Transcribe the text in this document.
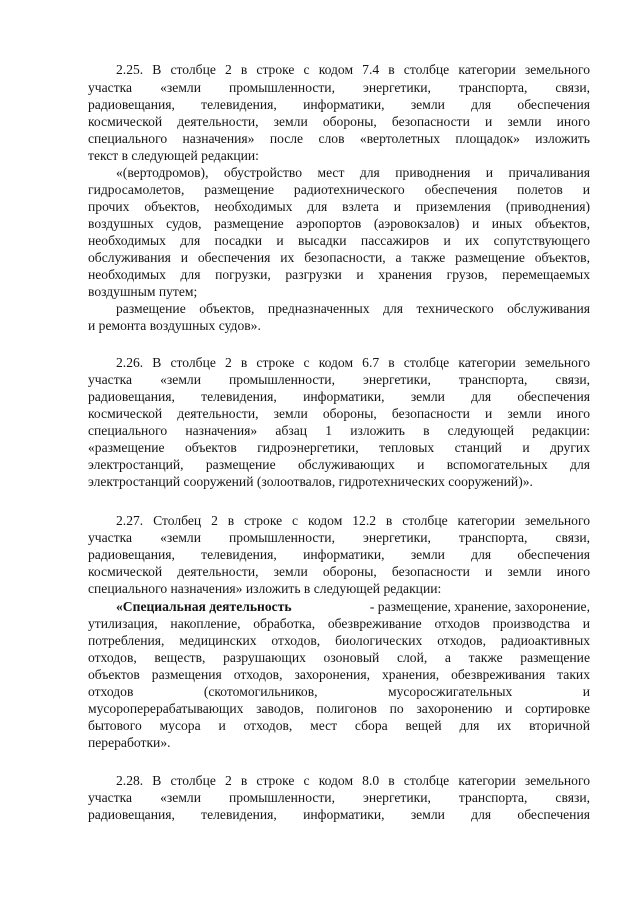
2.25. В столбце 2 в строке с кодом 7.4 в столбце категории земельного
участка «земли промышленности, энергетики, транспорта, связи,
радиовещания, телевидения, информатики, земли для обеспечения
космической деятельности, земли обороны, безопасности и земли иного
специального назначения» после слов «вертолетных площадок» изложить
текст в следующей редакции:
«(вертодромов), обустройство мест для приводнения и причаливания
гидросамолетов, размещение радиотехнического обеспечения полетов и
прочих объектов, необходимых для взлета и приземления (приводнения)
воздушных судов, размещение аэропортов (аэровокзалов) и иных объектов,
необходимых для посадки и высадки пассажиров и их сопутствующего
обслуживания и обеспечения их безопасности, а также размещение объектов,
необходимых для погрузки, разгрузки и хранения грузов, перемещаемых
воздушным путем;
размещение объектов, предназначенных для технического обслуживания
и ремонта воздушных судов».
2.26. В столбце 2 в строке с кодом 6.7 в столбце категории земельного
участка «земли промышленности, энергетики, транспорта, связи,
радиовещания, телевидения, информатики, земли для обеспечения
космической деятельности, земли обороны, безопасности и земли иного
специального назначения» абзац 1 изложить в следующей редакции:
«размещение объектов гидроэнергетики, тепловых станций и других
электростанций, размещение обслуживающих и вспомогательных для
электростанций сооружений (золоотвалов, гидротехнических сооружений)».
2.27. Столбец 2 в строке с кодом 12.2 в столбце категории земельного
участка «земли промышленности, энергетики, транспорта, связи,
радиовещания, телевидения, информатики, земли для обеспечения
космической деятельности, земли обороны, безопасности и земли иного
специального назначения» изложить в следующей редакции:
«Специальная деятельность	- размещение, хранение, захоронение,
утилизация, накопление, обработка, обезвреживание отходов производства и
потребления, медицинских отходов, биологических отходов, радиоактивных
отходов, веществ, разрушающих озоновый слой, а также размещение
объектов размещения отходов, захоронения, хранения, обезвреживания таких
отходов (скотомогильников, мусоросжигательных и
мусороперерабатывающих заводов, полигонов по захоронению и сортировке
бытового мусора и отходов, мест сбора вещей для их вторичной
переработки».
2.28. В столбце 2 в строке с кодом 8.0 в столбце категории земельного
участка «земли промышленности, энергетики, транспорта, связи,
радиовещания, телевидения, информатики, земли для обеспечения
